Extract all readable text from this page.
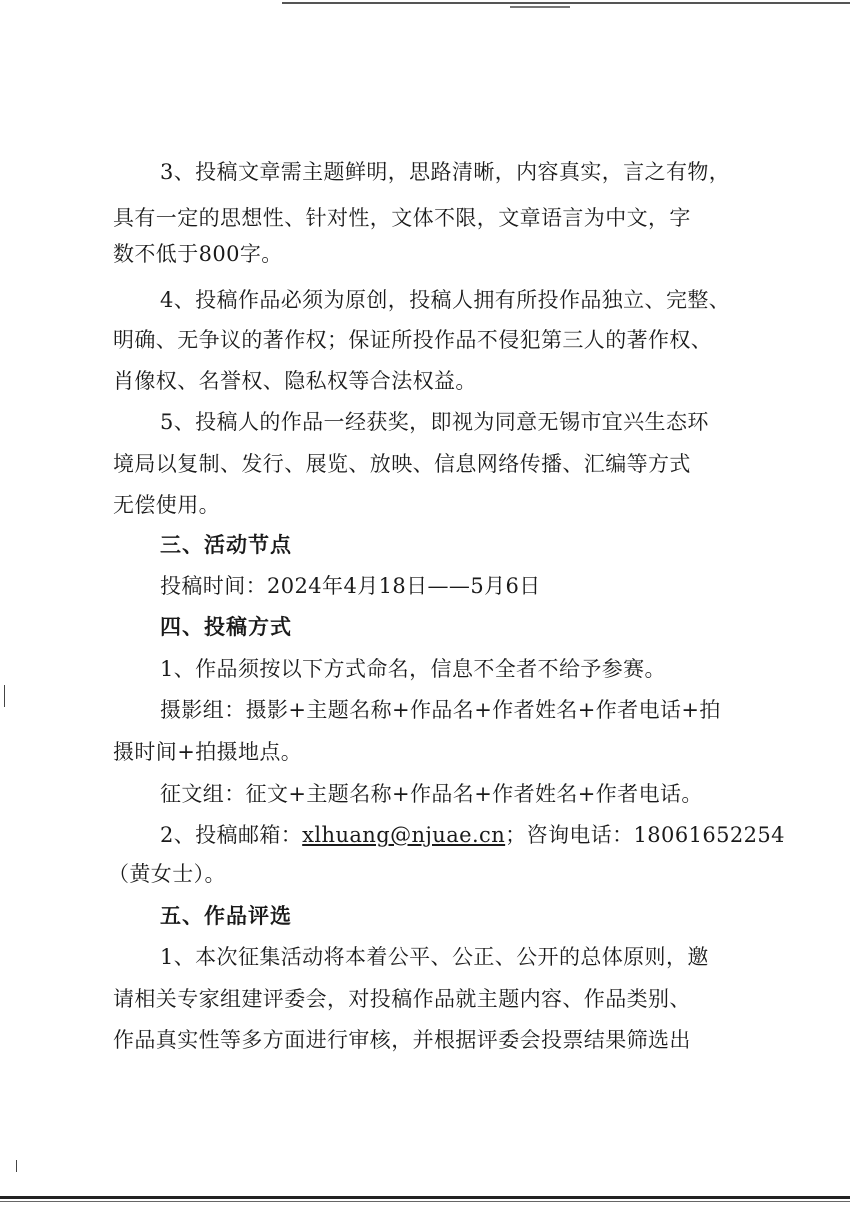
3、投稿文章需主题鲜明，思路清晰，内容真实，言之有物，
具有一定的思想性、针对性，文体不限，文章语言为中文，字
数不低于800字。
4、投稿作品必须为原创，投稿人拥有所投作品独立、完整、
明确、无争议的著作权；保证所投作品不侵犯第三人的著作权、
肖像权、名誉权、隐私权等合法权益。
5、投稿人的作品一经获奖，即视为同意无锡市宜兴生态环
境局以复制、发行、展览、放映、信息网络传播、汇编等方式
无偿使用。
三、活动节点
投稿时间：2024年4月18日——5月6日
四、投稿方式
1、作品须按以下方式命名，信息不全者不给予参赛。
摄影组：摄影+主题名称+作品名+作者姓名+作者电话+拍
摄时间+拍摄地点。
征文组：征文+主题名称+作品名+作者姓名+作者电话。
2、投稿邮箱：xlhuang@njuae.cn；咨询电话：18061652254
（黄女士）。
五、作品评选
1、本次征集活动将本着公平、公正、公开的总体原则，邀
请相关专家组建评委会，对投稿作品就主题内容、作品类别、
作品真实性等多方面进行审核，并根据评委会投票结果筛选出
